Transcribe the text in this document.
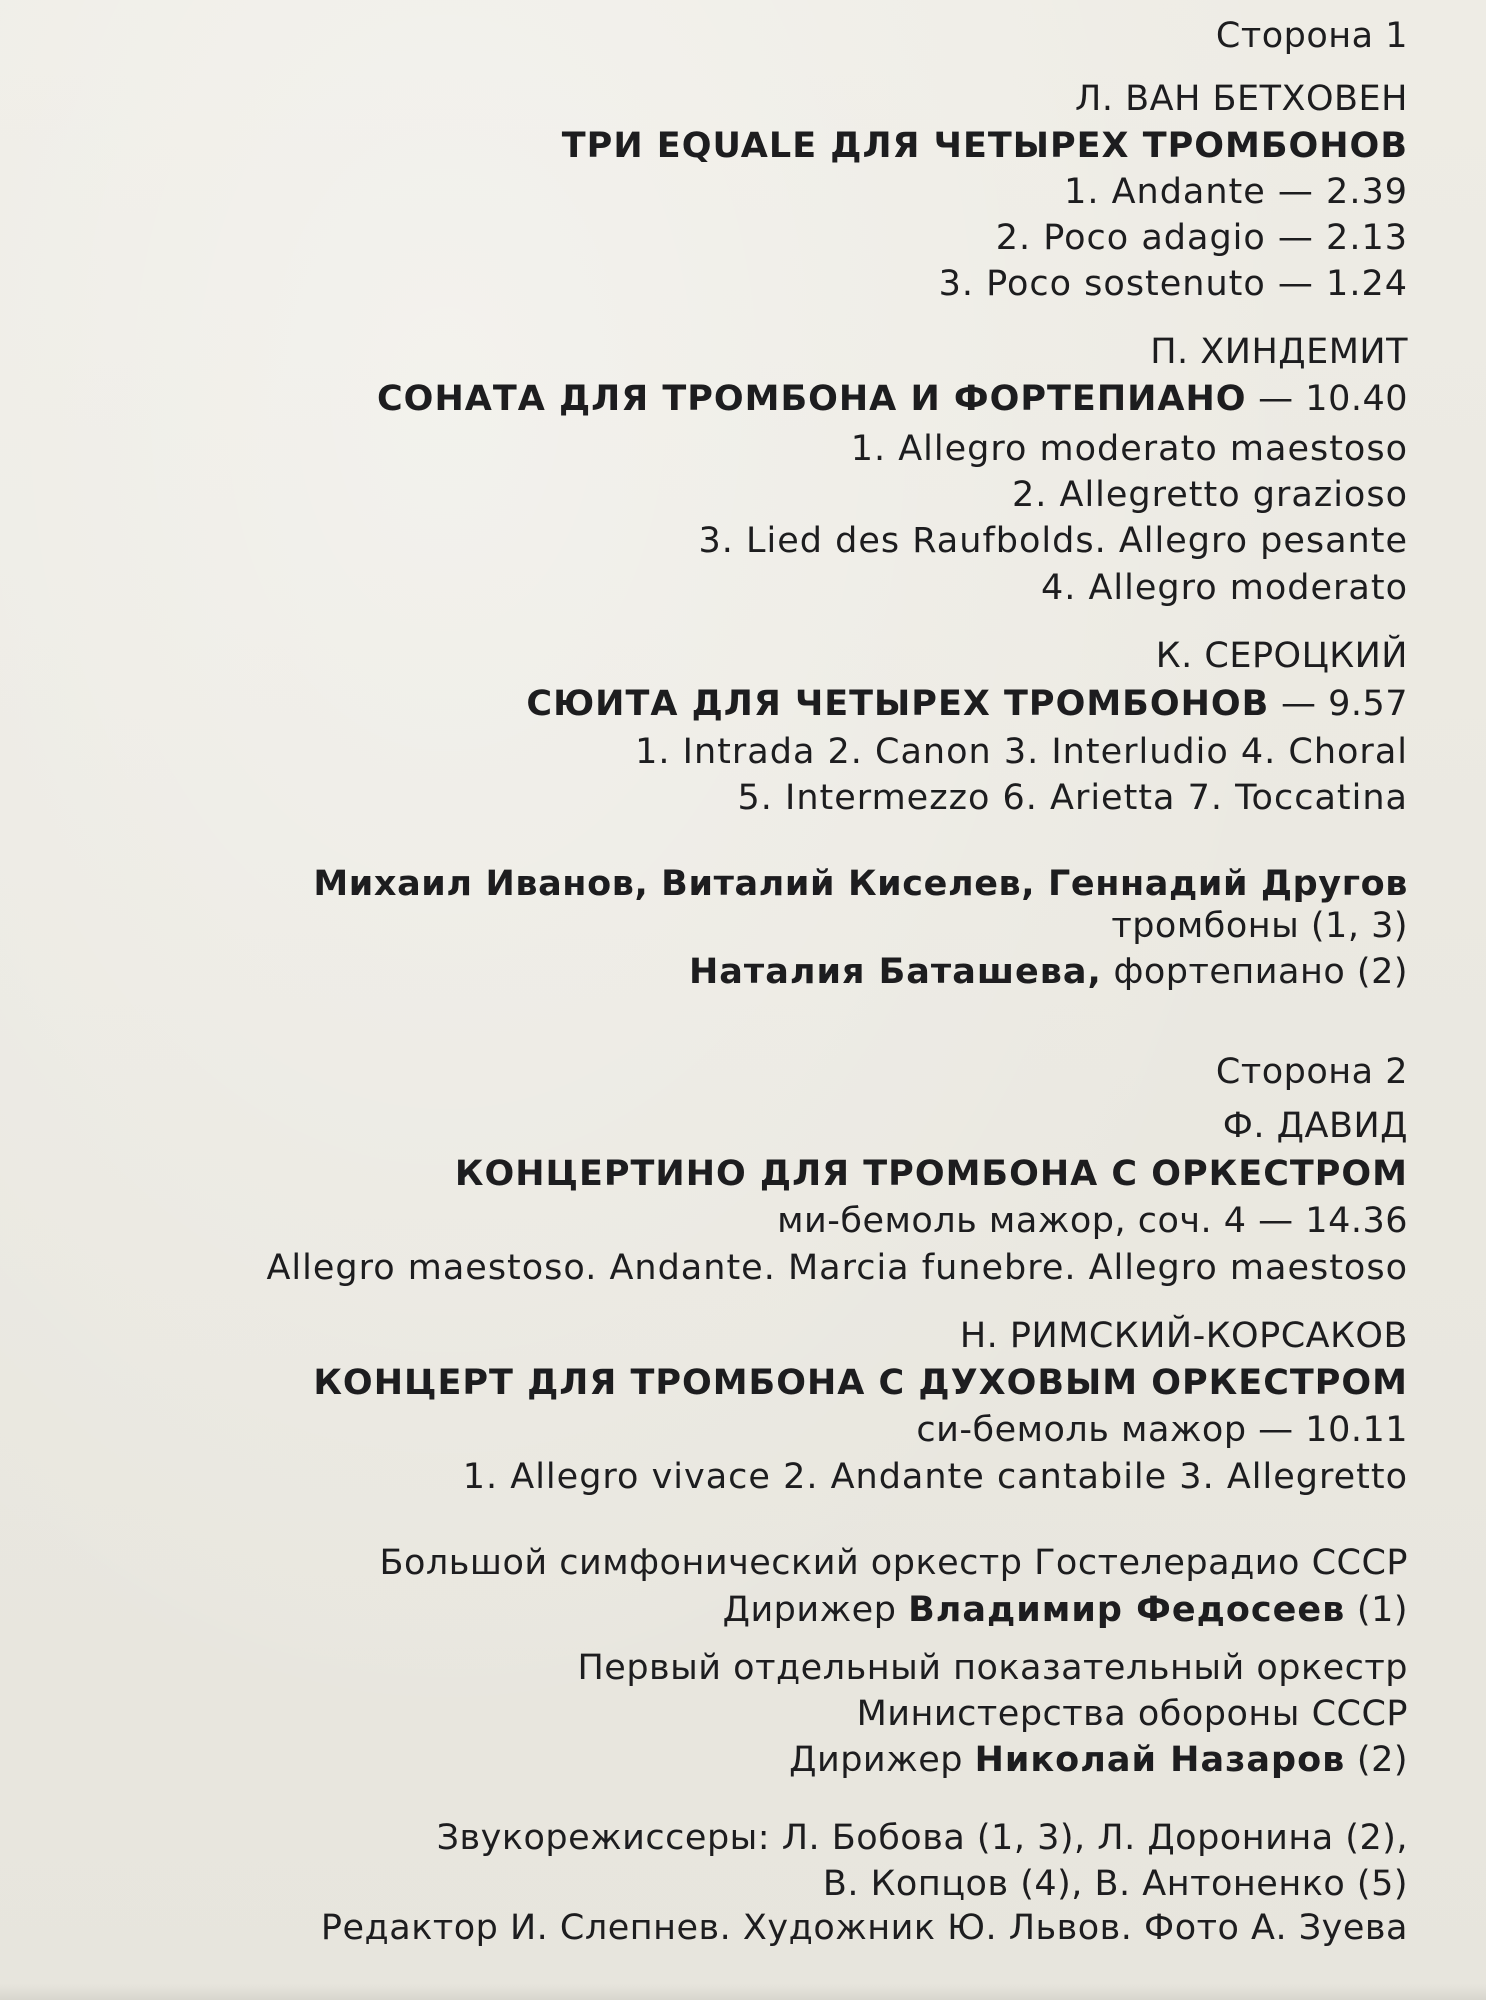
Сторона 1
Л. ВАН БЕТХОВЕН
ТРИ EQUALE ДЛЯ ЧЕТЫРЕХ ТРОМБОНОВ
1. Andante — 2.39
2. Poco adagio — 2.13
3. Poco sostenuto — 1.24
П. ХИНДЕМИТ
СОНАТА ДЛЯ ТРОМБОНА И ФОРТЕПИАНО — 10.40
1. Allegro moderato maestoso
2. Allegretto grazioso
3. Lied des Raufbolds. Allegro pesante
4. Allegro moderato
К. СЕРОЦКИЙ
СЮИТА ДЛЯ ЧЕТЫРЕХ ТРОМБОНОВ — 9.57
1. Intrada 2. Canon 3. Interludio 4. Choral
5. Intermezzo 6. Arietta 7. Toccatina
Михаил Иванов, Виталий Киселев, Геннадий Другов
тромбоны (1, 3)
Наталия Баташева, фортепиано (2)
Сторона 2
Ф. ДАВИД
КОНЦЕРТИНО ДЛЯ ТРОМБОНА С ОРКЕСТРОМ
ми-бемоль мажор, соч. 4 — 14.36
Allegro maestoso. Andante. Marcia funebre. Allegro maestoso
Н. РИМСКИЙ-КОРСАКОВ
КОНЦЕРТ ДЛЯ ТРОМБОНА С ДУХОВЫМ ОРКЕСТРОМ
си-бемоль мажор — 10.11
1. Allegro vivace 2. Andante cantabile 3. Allegretto
Большой симфонический оркестр Гостелерадио СССР
Дирижер Владимир Федосеев (1)
Первый отдельный показательный оркестр
Министерства обороны СССР
Дирижер Николай Назаров (2)
Звукорежиссеры: Л. Бобова (1, 3), Л. Доронина (2),
В. Копцов (4), В. Антоненко (5)
Редактор И. Слепнев. Художник Ю. Львов. Фото А. Зуева
